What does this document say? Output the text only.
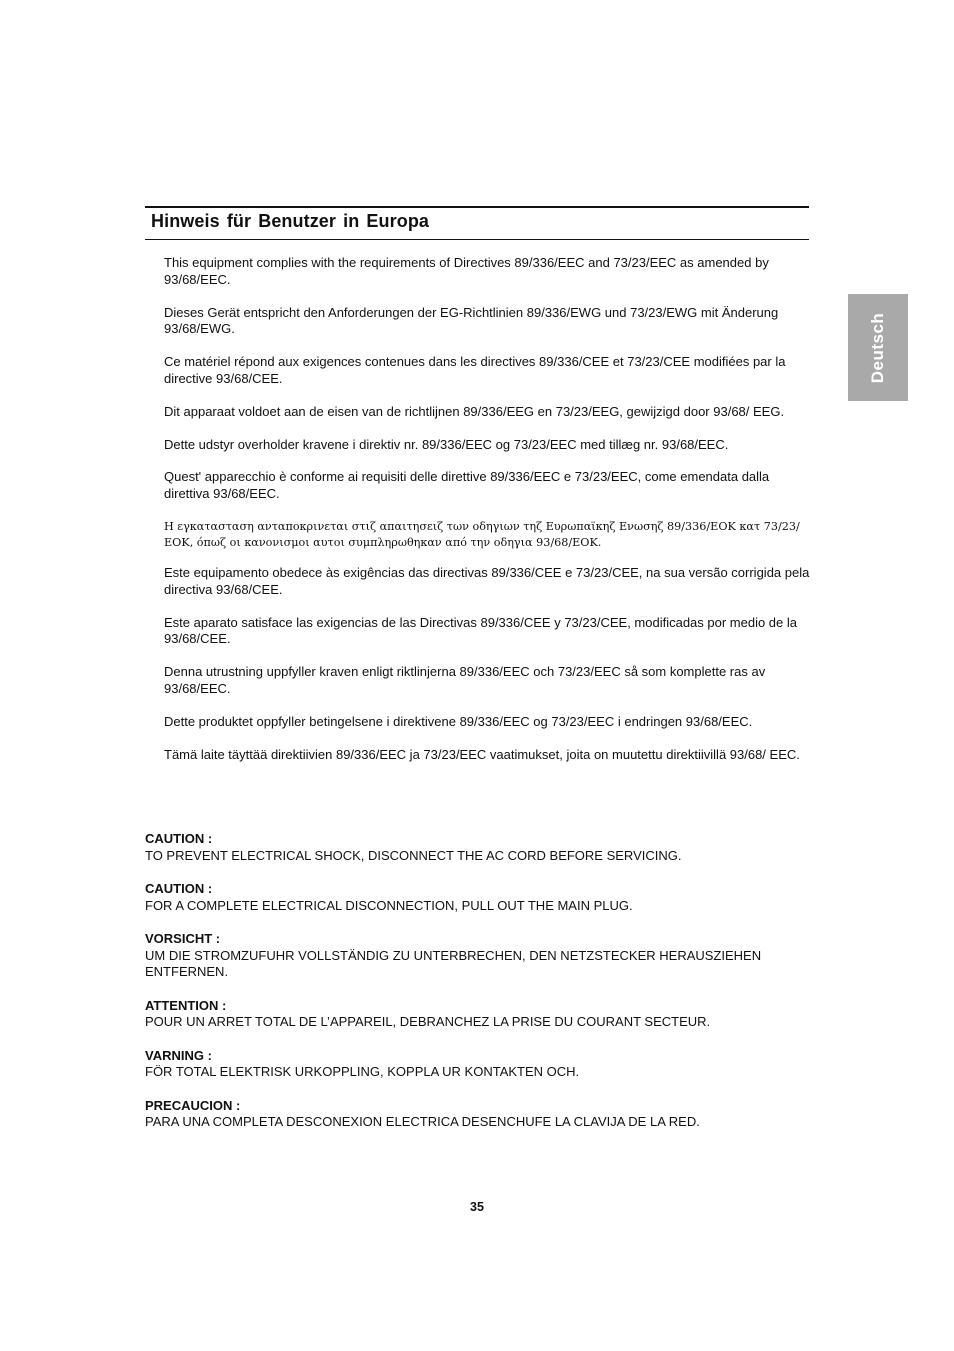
Hinweis für Benutzer in Europa
Deutsch

This equipment complies with the requirements of Directives 89/336/EEC and 73/23/EEC as amended by 93/68/EEC.

Dieses Gerät entspricht den Anforderungen der EG-Richtlinien 89/336/EWG und 73/23/EWG mit Änderung 93/68/EWG.

Ce matériel répond aux exigences contenues dans les directives 89/336/CEE et 73/23/CEE modifiées par la directive 93/68/CEE.

Dit apparaat voldoet aan de eisen van de richtlijnen 89/336/EEG en 73/23/EEG, gewijzigd door 93/68/ EEG.

Dette udstyr overholder kravene i direktiv nr. 89/336/EEC og 73/23/EEC med tillæg nr. 93/68/EEC.

Quest' apparecchio è conforme ai requisiti delle direttive 89/336/EEC e 73/23/EEC, come emendata dalla direttiva 93/68/EEC.

Η εγκατασταση ανταποκρινεται στιζ απαιτησειζ των οδηγιων τηζ Ευρωπαϊκηζ Ενωσηζ 89/336/ΕΟΚ κατ 73/23/ΕΟΚ, όπωζ οι κανονισμοι αυτοι συμπληρωθηκαν από την οδηγια 93/68/ΕΟΚ.

Este equipamento obedece às exigências das directivas 89/336/CEE e 73/23/CEE, na sua versão corrigida pela directiva 93/68/CEE.

Este aparato satisface las exigencias de las Directivas 89/336/CEE y 73/23/CEE, modificadas por medio de la 93/68/CEE.

Denna utrustning uppfyller kraven enligt riktlinjerna 89/336/EEC och 73/23/EEC så som komplette ras av 93/68/EEC.

Dette produktet oppfyller betingelsene i direktivene 89/336/EEC og 73/23/EEC i endringen 93/68/EEC.

Tämä laite täyttää direktiivien 89/336/EEC ja 73/23/EEC vaatimukset, joita on muutettu direktiivillä 93/68/ EEC.

CAUTION :
TO PREVENT ELECTRICAL SHOCK, DISCONNECT THE AC CORD BEFORE SERVICING.
CAUTION :
FOR A COMPLETE ELECTRICAL DISCONNECTION, PULL OUT THE MAIN PLUG.
VORSICHT :
UM DIE STROMZUFUHR VOLLSTÄNDIG ZU UNTERBRECHEN, DEN NETZSTECKER HERAUSZIEHEN ENTFERNEN.
ATTENTION :
POUR UN ARRET TOTAL DE L’APPAREIL, DEBRANCHEZ LA PRISE DU COURANT SECTEUR.
VARNING :
FÖR TOTAL ELEKTRISK URKOPPLING, KOPPLA UR KONTAKTEN OCH.
PRECAUCION :
PARA UNA COMPLETA DESCONEXION ELECTRICA DESENCHUFE LA CLAVIJA DE LA RED.
35
